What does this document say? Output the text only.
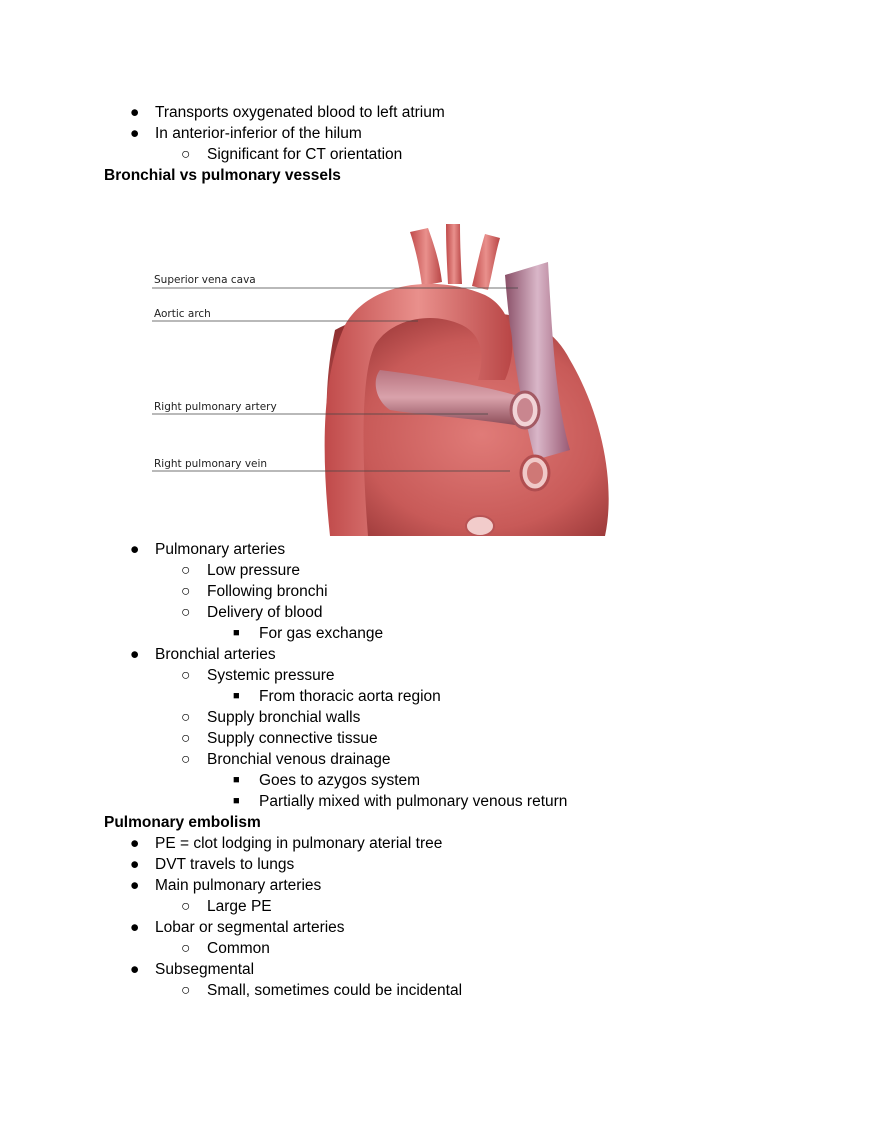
● Transports oxygenated blood to left atrium
● In anterior-inferior of the hilum
○ Significant for CT orientation
Bronchial vs pulmonary vessels
Superior vena cava
Aortic arch
Right pulmonary artery
Right pulmonary vein
● Pulmonary arteries
○ Low pressure
○ Following bronchi
○ Delivery of blood
■ For gas exchange
● Bronchial arteries
○ Systemic pressure
■ From thoracic aorta region
○ Supply bronchial walls
○ Supply connective tissue
○ Bronchial venous drainage
■ Goes to azygos system
■ Partially mixed with pulmonary venous return
Pulmonary embolism
● PE = clot lodging in pulmonary aterial tree
● DVT travels to lungs
● Main pulmonary arteries
○ Large PE
● Lobar or segmental arteries
○ Common
● Subsegmental
○ Small, sometimes could be incidental
